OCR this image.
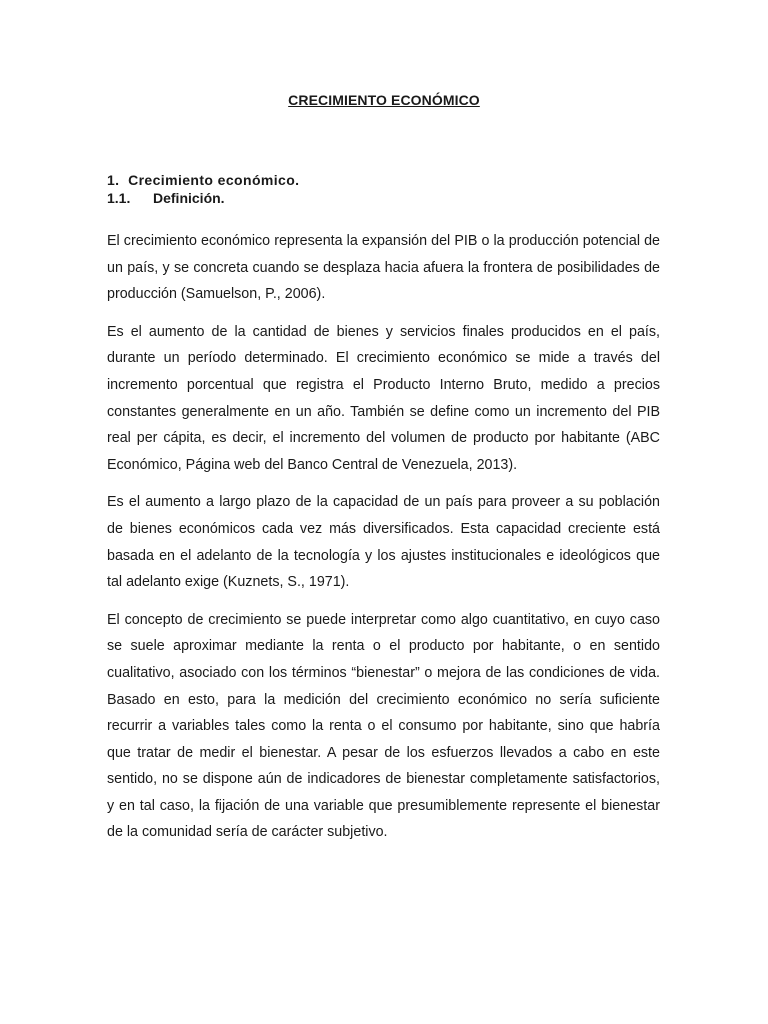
CRECIMIENTO ECONÓMICO
1. Crecimiento económico.
1.1. Definición.

El crecimiento económico representa la expansión del PIB o la producción potencial de un país, y se concreta cuando se desplaza hacia afuera la frontera de posibilidades de producción (Samuelson, P., 2006).

Es el aumento de la cantidad de bienes y servicios finales producidos en el país, durante un período determinado. El crecimiento económico se mide a través del incremento porcentual que registra el Producto Interno Bruto, medido a precios constantes generalmente en un año. También se define como un incremento del PIB real per cápita, es decir, el incremento del volumen de producto por habitante (ABC Económico, Página web del Banco Central de Venezuela, 2013).

Es el aumento a largo plazo de la capacidad de un país para proveer a su población de bienes económicos cada vez más diversificados. Esta capacidad creciente está basada en el adelanto de la tecnología y los ajustes institucionales e ideológicos que tal adelanto exige (Kuznets, S., 1971).

El concepto de crecimiento se puede interpretar como algo cuantitativo, en cuyo caso se suele aproximar mediante la renta o el producto por habitante, o en sentido cualitativo, asociado con los términos “bienestar” o mejora de las condiciones de vida. Basado en esto, para la medición del crecimiento económico no sería suficiente recurrir a variables tales como la renta o el consumo por habitante, sino que habría que tratar de medir el bienestar. A pesar de los esfuerzos llevados a cabo en este sentido, no se dispone aún de indicadores de bienestar completamente satisfactorios, y en tal caso, la fijación de una variable que presumiblemente represente el bienestar de la comunidad sería de carácter subjetivo.
